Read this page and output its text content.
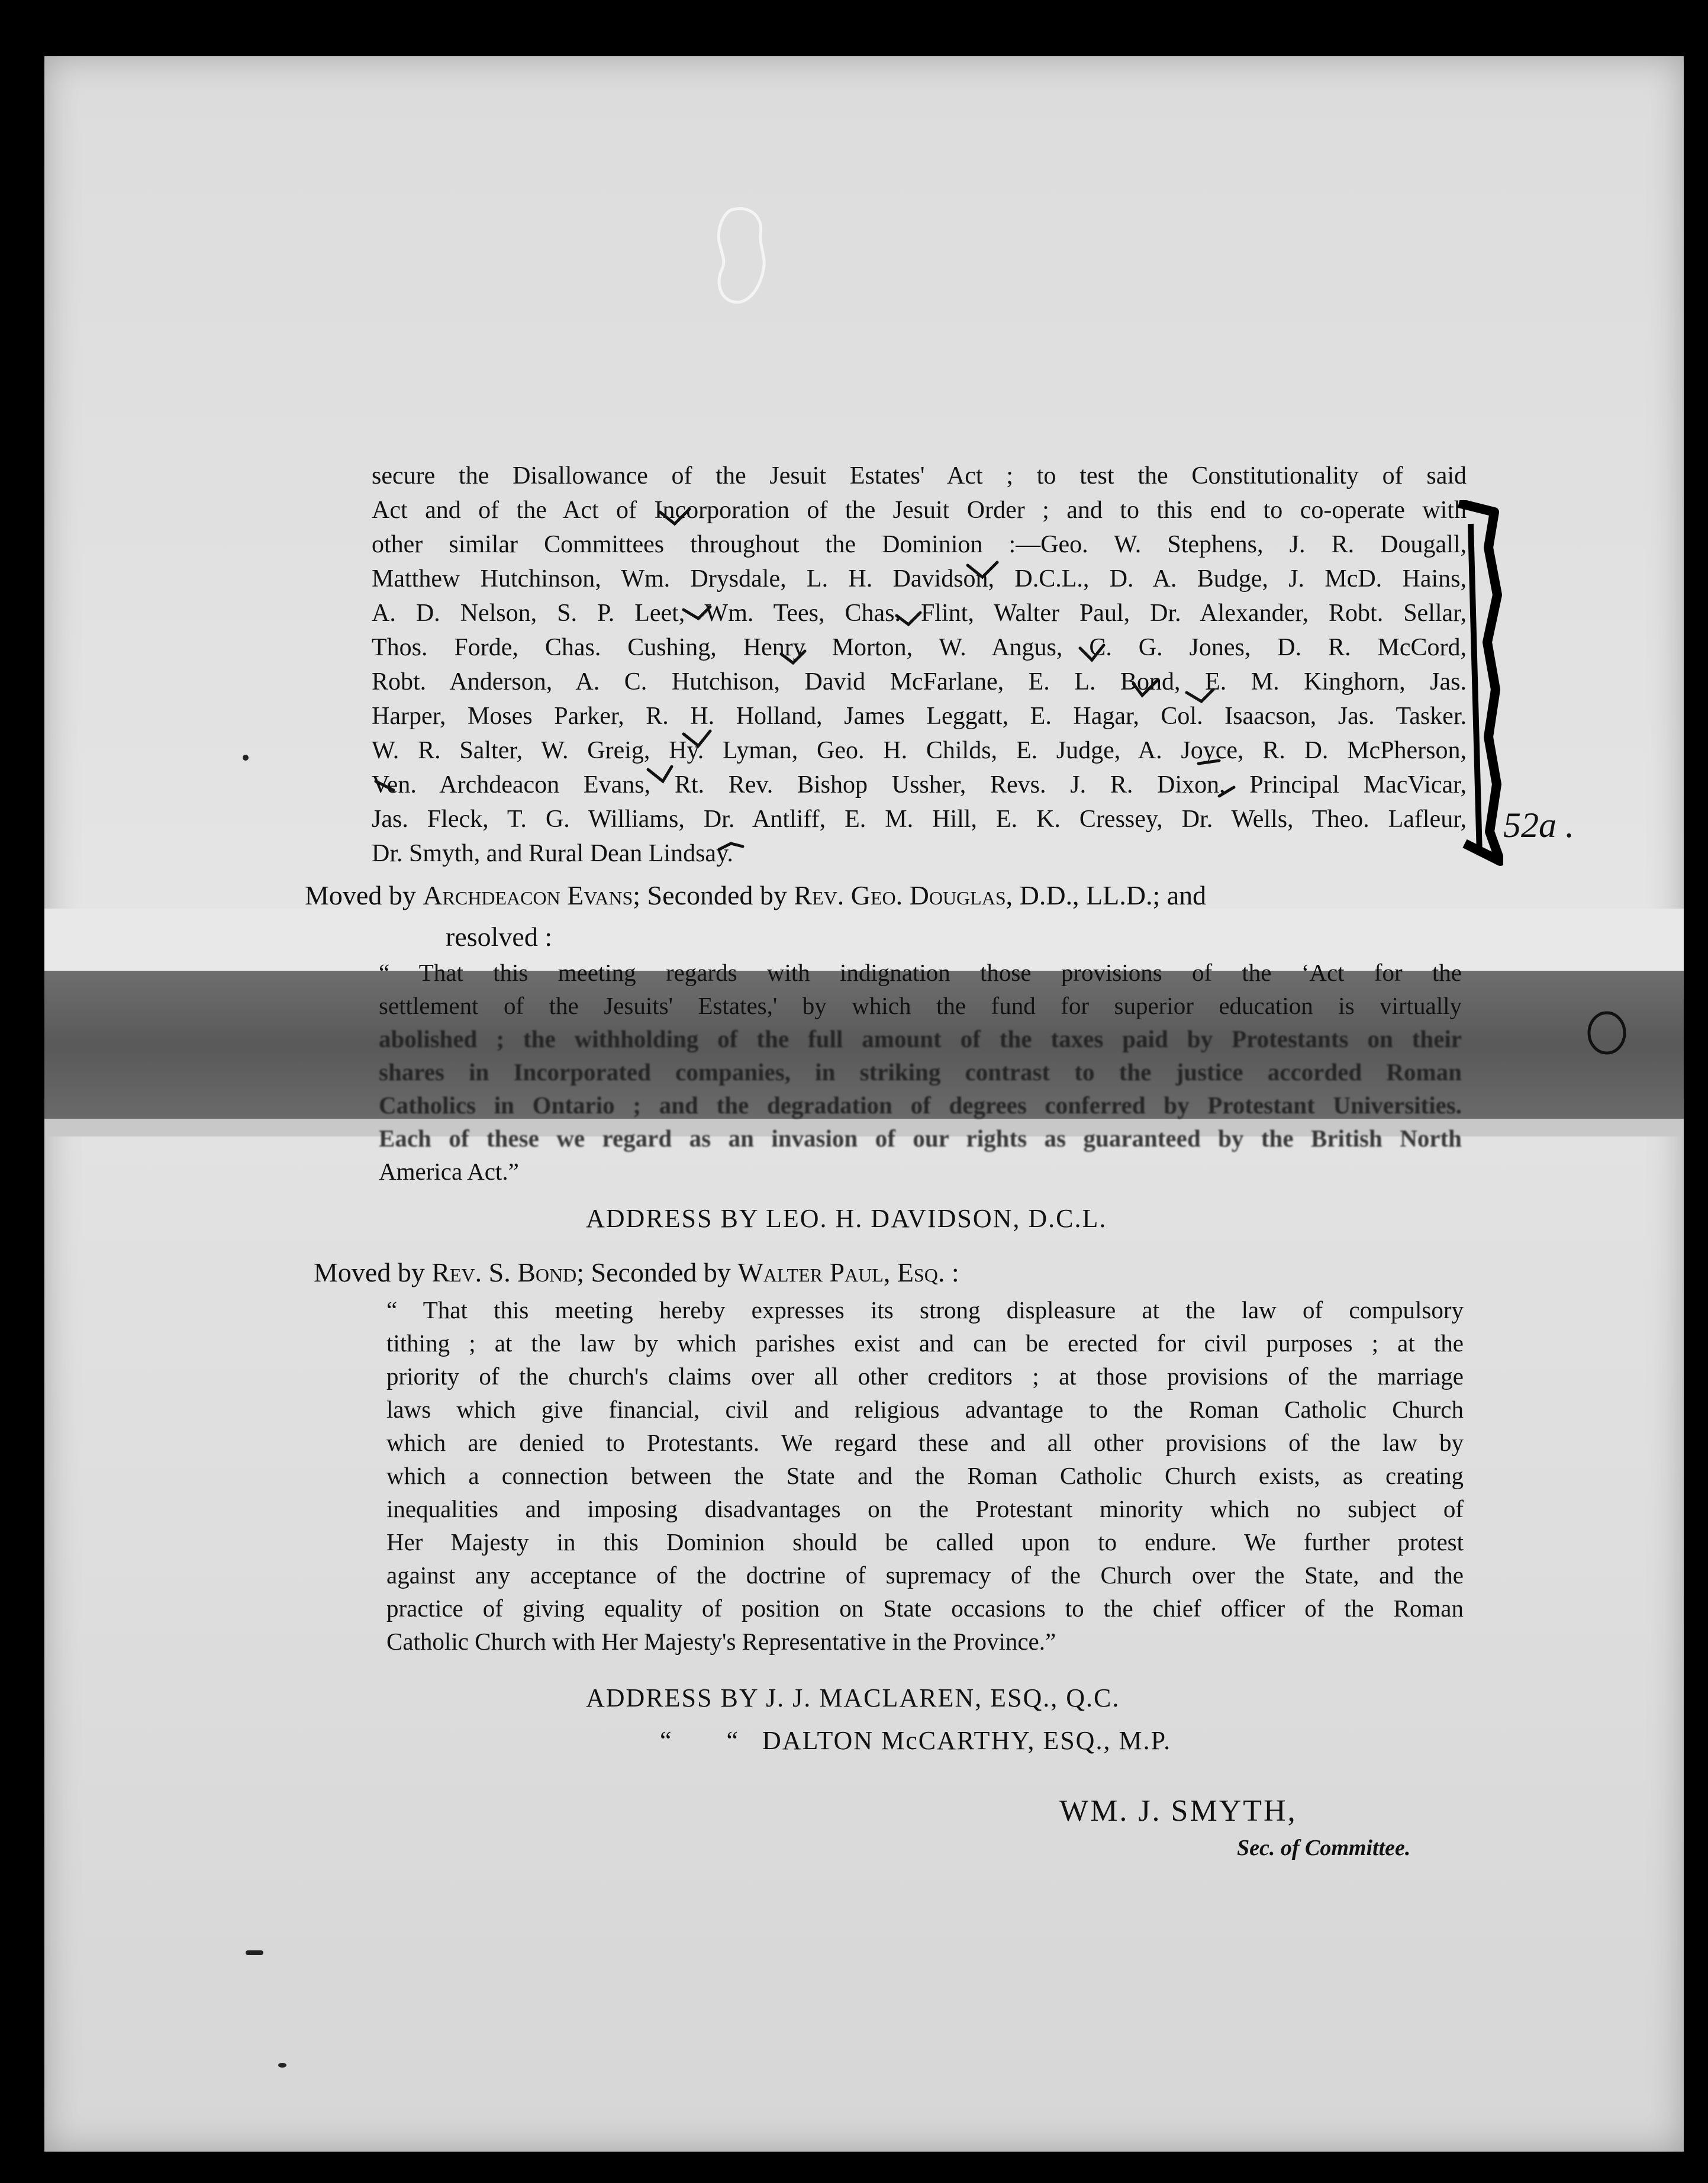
secure the Disallowance of the Jesuit Estates' Act ; to test the Constitutionality of said
Act and of the Act of Incorporation of the Jesuit Order ; and to this end to co-operate with
other similar Committees throughout the Dominion :—Geo. W. Stephens, J. R. Dougall,
Matthew Hutchinson, Wm. Drysdale, L. H. Davidson, D.C.L., D. A. Budge, J. McD. Hains,
A. D. Nelson, S. P. Leet, Wm. Tees, Chas. Flint, Walter Paul, Dr. Alexander, Robt. Sellar,
Thos. Forde, Chas. Cushing, Henry Morton, W. Angus, C. G. Jones, D. R. McCord,
Robt. Anderson, A. C. Hutchison, David McFarlane, E. L. Bond, E. M. Kinghorn, Jas.
Harper, Moses Parker, R. H. Holland, James Leggatt, E. Hagar, Col. Isaacson, Jas. Tasker.
W. R. Salter, W. Greig, Hy. Lyman, Geo. H. Childs, E. Judge, A. Joyce, R. D. McPherson,
Ven. Archdeacon Evans, Rt. Rev. Bishop Ussher, Revs. J. R. Dixon, Principal MacVicar,
Jas. Fleck, T. G. Williams, Dr. Antliff, E. M. Hill, E. K. Cressey, Dr. Wells, Theo. Lafleur,
Dr. Smyth, and Rural Dean Lindsay.
52a .
Moved by Archdeacon Evans; Seconded by Rev. Geo. Douglas, D.D., LL.D.; and
resolved :
“ That this meeting regards with indignation those provisions of the ‘Act for the
settlement of the Jesuits' Estates,' by which the fund for superior education is virtually
abolished ; the withholding of the full amount of the taxes paid by Protestants on their
shares in Incorporated companies, in striking contrast to the justice accorded Roman
Catholics in Ontario ; and the degradation of degrees conferred by Protestant Universities.
Each of these we regard as an invasion of our rights as guaranteed by the British North
America Act.”
ADDRESS BY LEO. H. DAVIDSON, D.C.L.
Moved by Rev. S. Bond; Seconded by Walter Paul, Esq. :
“ That this meeting hereby expresses its strong displeasure at the law of compulsory
tithing ; at the law by which parishes exist and can be erected for civil purposes ; at the
priority of the church's claims over all other creditors ; at those provisions of the marriage
laws which give financial, civil and religious advantage to the Roman Catholic Church
which are denied to Protestants. We regard these and all other provisions of the law by
which a connection between the State and the Roman Catholic Church exists, as creating
inequalities and imposing disadvantages on the Protestant minority which no subject of
Her Majesty in this Dominion should be called upon to endure. We further protest
against any acceptance of the doctrine of supremacy of the Church over the State, and the
practice of giving equality of position on State occasions to the chief officer of the Roman
Catholic Church with Her Majesty's Representative in the Province.”
ADDRESS BY J. J. MACLAREN, ESQ., Q.C.
“       “   DALTON McCARTHY, ESQ., M.P.
WM. J. SMYTH,
Sec. of Committee.
